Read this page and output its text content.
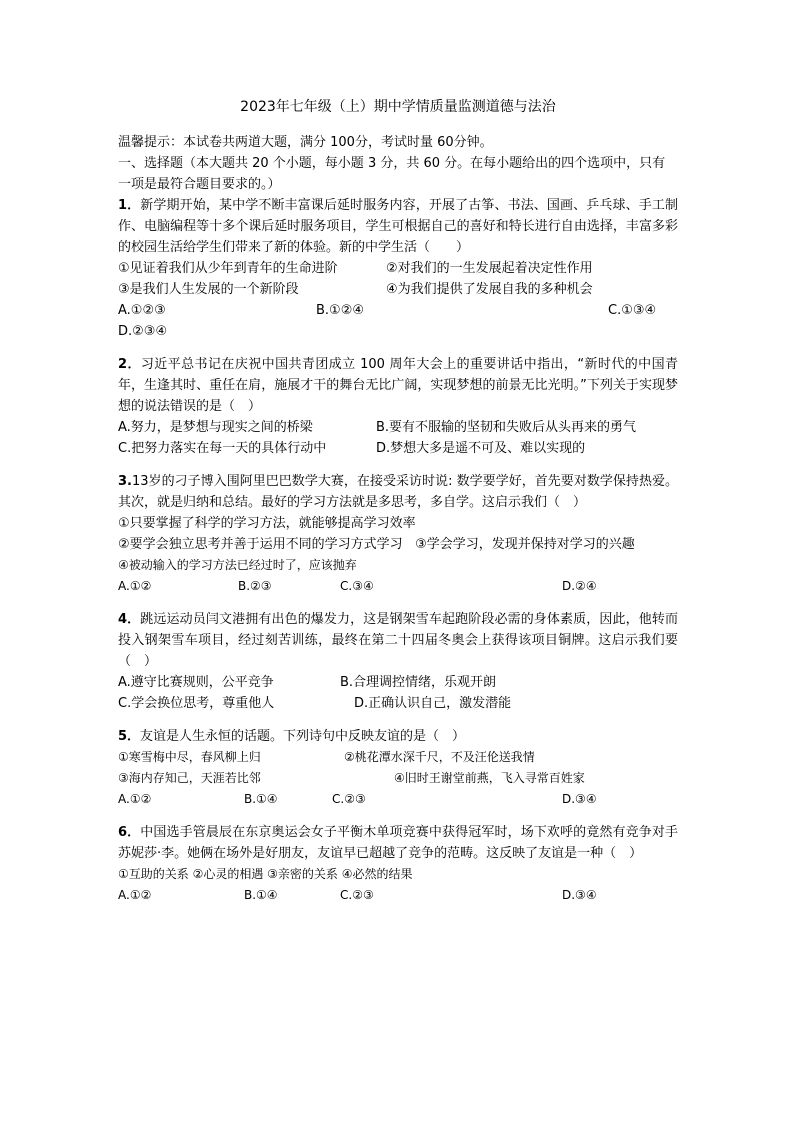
2023年七年级（上）期中学情质量监测道德与法治

温馨提示：本试卷共两道大题，满分 100分，考试时量 60分钟。

一、选择题（本大题共 20 个小题，每小题 3 分，共 60 分。在每小题给出的四个选项中，只有一项是最符合题目要求的。）

1．新学期开始，某中学不断丰富课后延时服务内容，开展了古筝、书法、国画、乒乓球、手工制作、电脑编程等十多个课后延时服务项目，学生可根据自己的喜好和特长进行自由选择，丰富多彩的校园生活给学生们带来了新的体验。新的中学生活（　　）

①见证着我们从少年到青年的生命进阶	②对我们的一生发展起着决定性作用
③是我们人生发展的一个新阶段	④为我们提供了发展自我的多种机会
A.①②③	B.①②④	C.①③④
D.②③④

2．习近平总书记在庆祝中国共青团成立 100 周年大会上的重要讲话中指出，“新时代的中国青年，生逢其时、重任在肩，施展才干的舞台无比广阔，实现梦想的前景无比光明。”下列关于实现梦想的说法错误的是（　）

A.努力，是梦想与现实之间的桥梁	B.要有不服输的坚韧和失败后从头再来的勇气
C.把努力落实在每一天的具体行动中	D.梦想大多是遥不可及、难以实现的

3.13岁的刁子博入围阿里巴巴数学大赛，在接受采访时说: 数学要学好，首先要对数学保持热爱。其次，就是归纳和总结。最好的学习方法就是多思考，多自学。这启示我们（　）

①只要掌握了科学的学习方法，就能够提高学习效率

②要学会独立思考并善于运用不同的学习方式学习 ③学会学习，发现并保持对学习的兴趣

④被动输入的学习方法已经过时了，应该抛弃

A.①②	B.②③	C.③④	D.②④

4．跳远运动员闫文港拥有出色的爆发力，这是钢架雪车起跑阶段必需的身体素质，因此，他转而投入钢架雪车项目，经过刻苦训练，最终在第二十四届冬奥会上获得该项目铜牌。这启示我们要（　）

A.遵守比赛规则，公平竞争	B.合理调控情绪，乐观开朗
C.学会换位思考，尊重他人	D.正确认识自己，激发潜能

5．友谊是人生永恒的话题。下列诗句中反映友谊的是（　）

①寒雪梅中尽，春风柳上归	②桃花潭水深千尺，不及汪伦送我情
③海内存知己，天涯若比邻	④旧时王谢堂前燕，飞入寻常百姓家
A.①②	B.①④	C.②③	D.③④

6．中国选手管晨辰在东京奥运会女子平衡木单项竞赛中获得冠军时，场下欢呼的竟然有竞争对手苏妮莎·李。她俩在场外是好朋友，友谊早已超越了竞争的范畴。这反映了友谊是一种（　）

①互助的关系 ②心灵的相遇 ③亲密的关系 ④必然的结果

A.①②	B.①④	C.②③	D.③④
